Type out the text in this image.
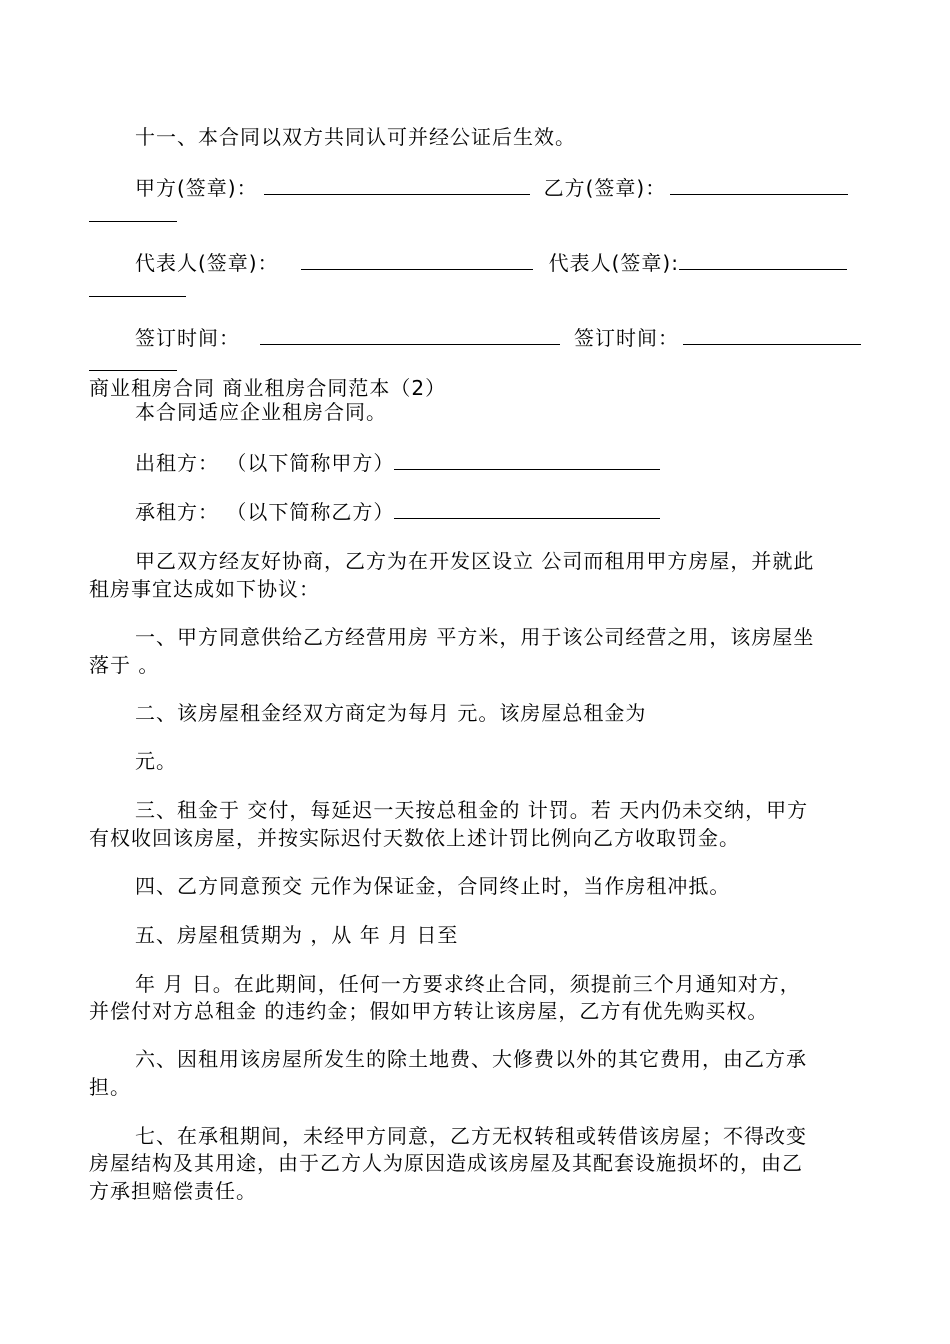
十一、本合同以双方共同认可并经公证后生效。
甲方(签章)：	乙方(签章)：
代表人(签章)：	代表人(签章):
签订时间：	签订时间：
商业租房合同 商业租房合同范本（2）
本合同适应企业租房合同。
出租方： （以下简称甲方）
承租方： （以下简称乙方）
甲乙双方经友好协商，乙方为在开发区设立 公司而租用甲方房屋，并就此
租房事宜达成如下协议：
一、甲方同意供给乙方经营用房 平方米，用于该公司经营之用，该房屋坐
落于 。
二、该房屋租金经双方商定为每月 元。该房屋总租金为
元。
三、租金于 交付，每延迟一天按总租金的 计罚。若 天内仍未交纳，甲方
有权收回该房屋，并按实际迟付天数依上述计罚比例向乙方收取罚金。
四、乙方同意预交 元作为保证金，合同终止时，当作房租冲抵。
五、房屋租赁期为 ，从 年 月 日至
年 月 日。在此期间，任何一方要求终止合同，须提前三个月通知对方，
并偿付对方总租金 的违约金；假如甲方转让该房屋，乙方有优先购买权。
六、因租用该房屋所发生的除土地费、大修费以外的其它费用，由乙方承
担。
七、在承租期间，未经甲方同意，乙方无权转租或转借该房屋；不得改变
房屋结构及其用途，由于乙方人为原因造成该房屋及其配套设施损坏的，由乙
方承担赔偿责任。
